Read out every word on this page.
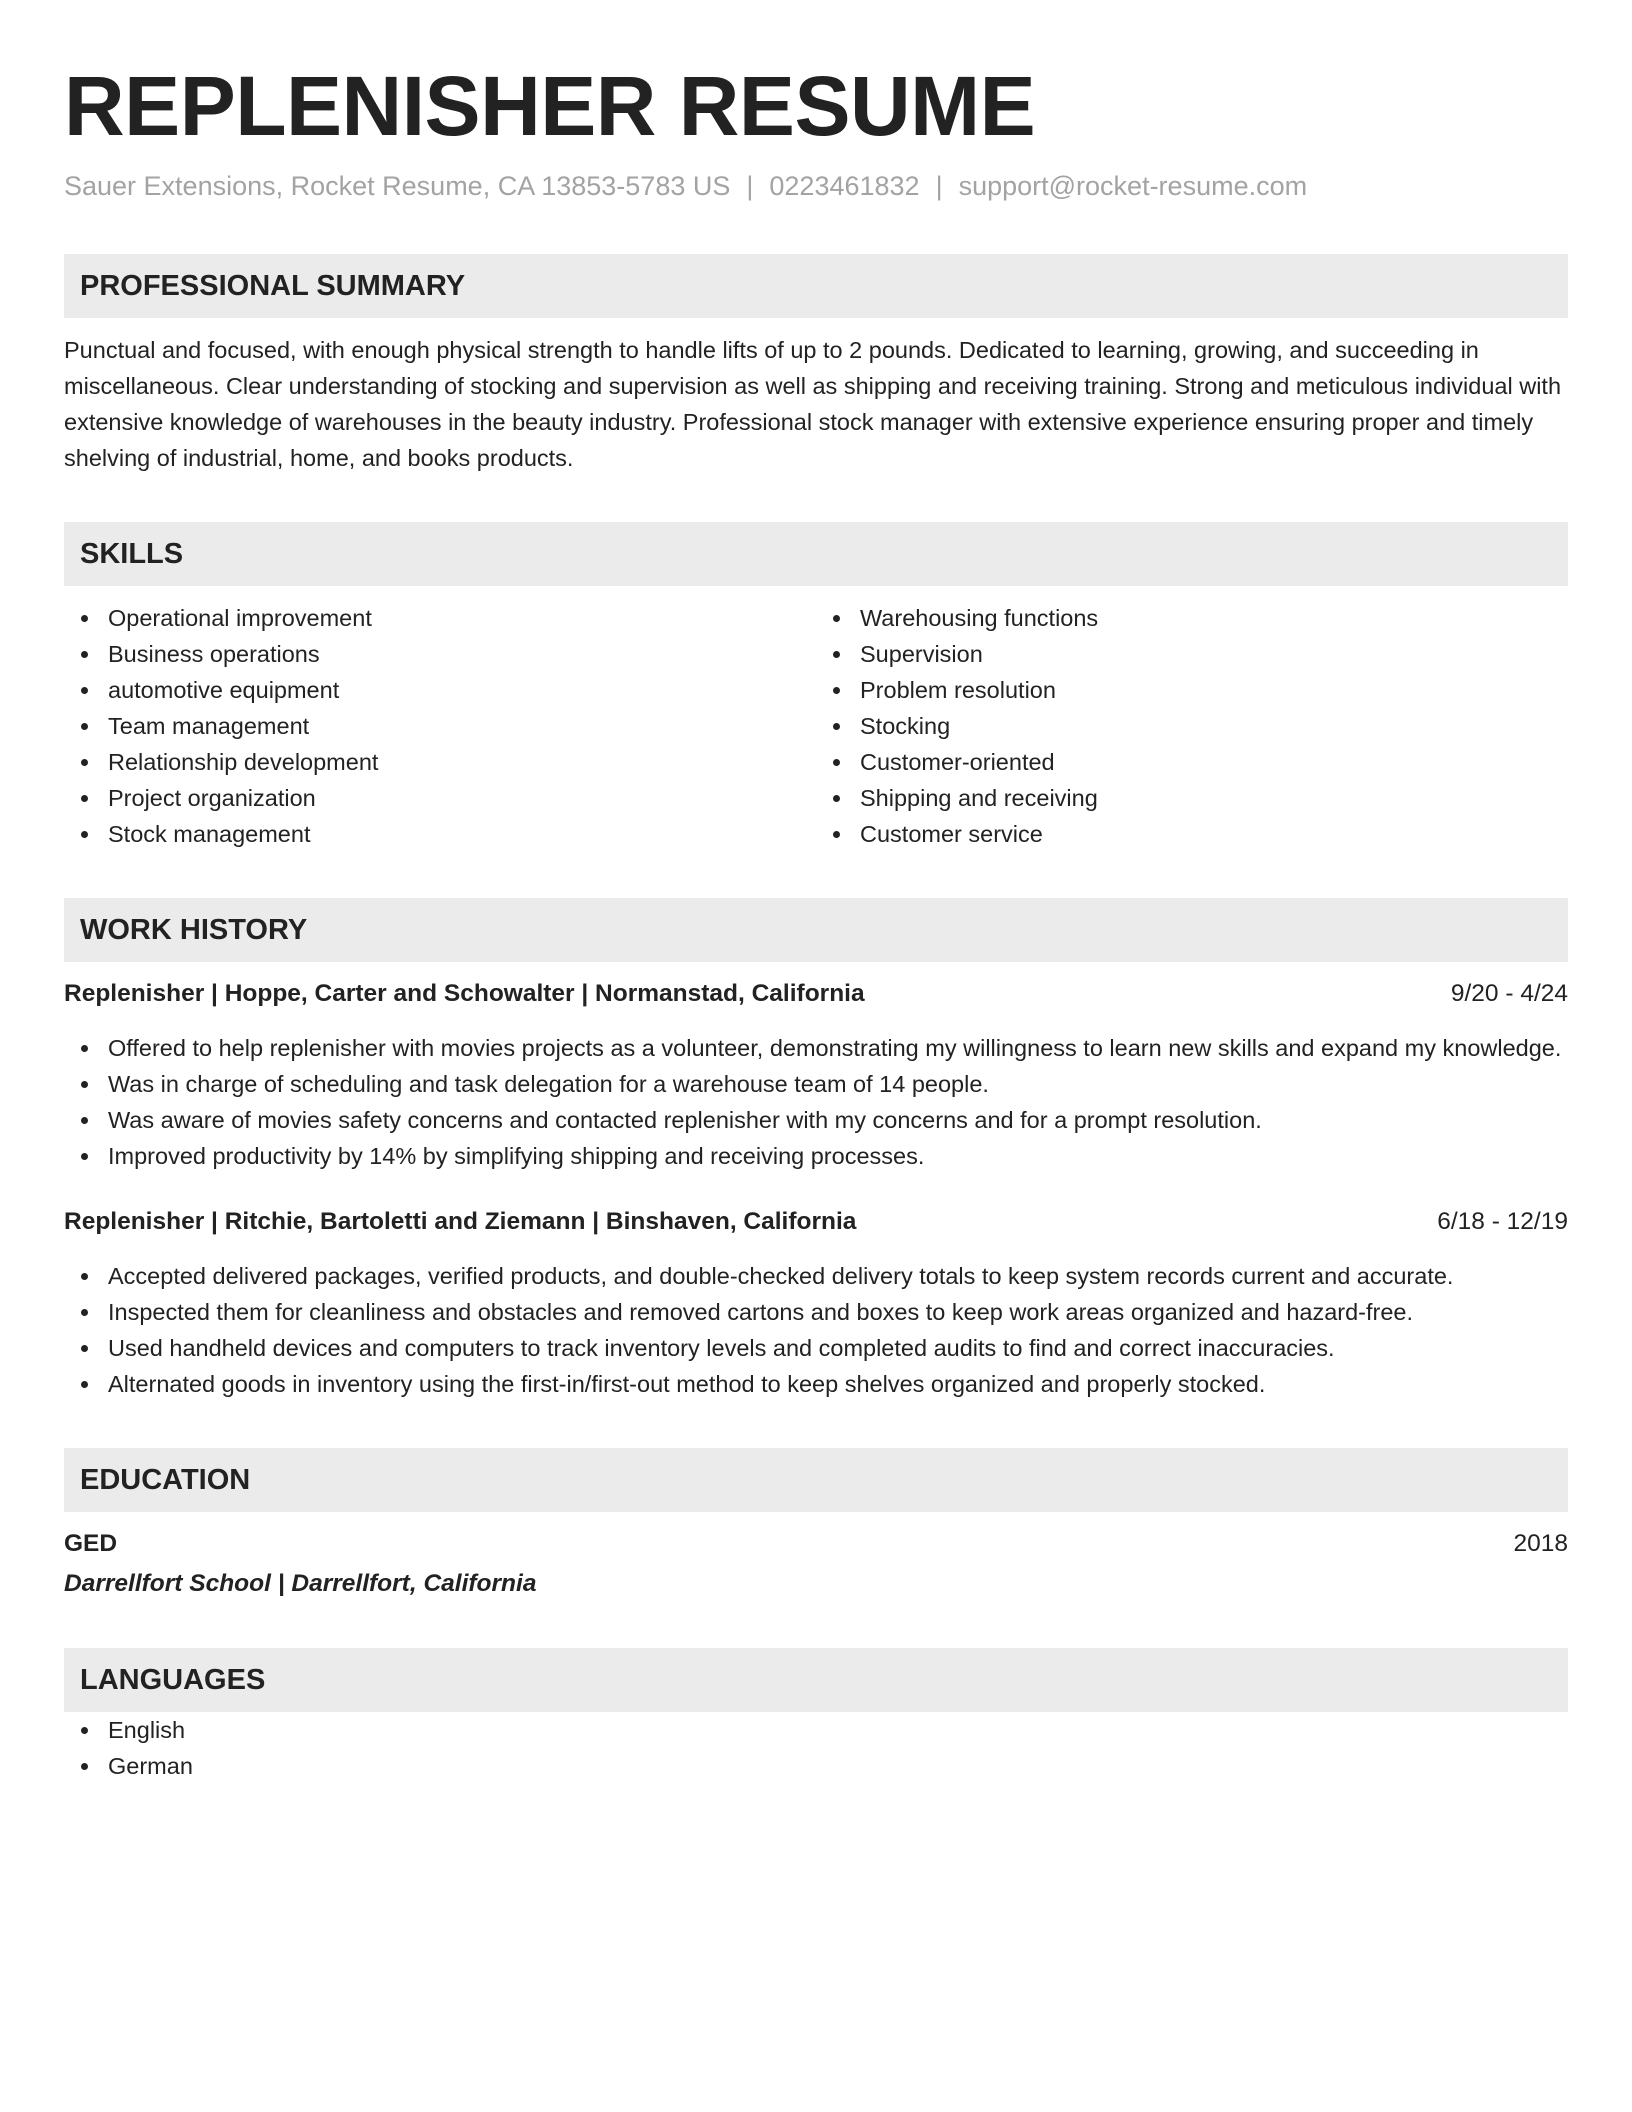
REPLENISHER RESUME
Sauer Extensions, Rocket Resume, CA 13853-5783 US | 0223461832 | support@rocket-resume.com
PROFESSIONAL SUMMARY
Punctual and focused, with enough physical strength to handle lifts of up to 2 pounds. Dedicated to learning, growing, and succeeding in miscellaneous. Clear understanding of stocking and supervision as well as shipping and receiving training. Strong and meticulous individual with extensive knowledge of warehouses in the beauty industry. Professional stock manager with extensive experience ensuring proper and timely shelving of industrial, home, and books products.
SKILLS
Operational improvement
Business operations
automotive equipment
Team management
Relationship development
Project organization
Stock management
Warehousing functions
Supervision
Problem resolution
Stocking
Customer-oriented
Shipping and receiving
Customer service
WORK HISTORY
Replenisher | Hoppe, Carter and Schowalter | Normanstad, California	9/20 - 4/24
Offered to help replenisher with movies projects as a volunteer, demonstrating my willingness to learn new skills and expand my knowledge.
Was in charge of scheduling and task delegation for a warehouse team of 14 people.
Was aware of movies safety concerns and contacted replenisher with my concerns and for a prompt resolution.
Improved productivity by 14% by simplifying shipping and receiving processes.
Replenisher | Ritchie, Bartoletti and Ziemann | Binshaven, California	6/18 - 12/19
Accepted delivered packages, verified products, and double-checked delivery totals to keep system records current and accurate.
Inspected them for cleanliness and obstacles and removed cartons and boxes to keep work areas organized and hazard-free.
Used handheld devices and computers to track inventory levels and completed audits to find and correct inaccuracies.
Alternated goods in inventory using the first-in/first-out method to keep shelves organized and properly stocked.
EDUCATION
GED	2018
Darrellfort School | Darrellfort, California
LANGUAGES
English
German
